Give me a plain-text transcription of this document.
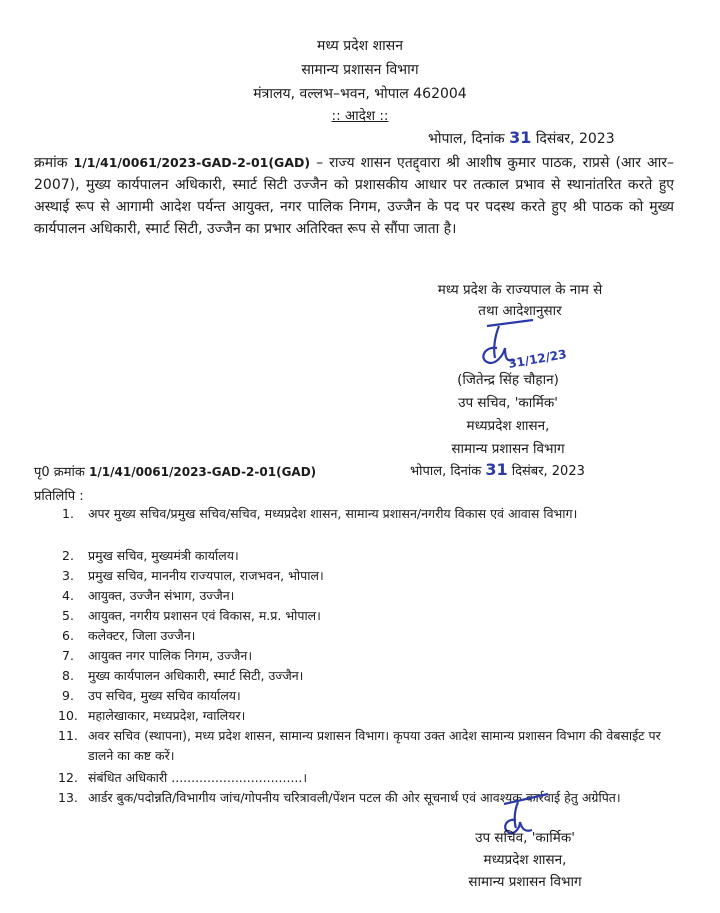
मध्य प्रदेश शासन
सामान्य प्रशासन विभाग
मंत्रालय, वल्लभ–भवन, भोपाल 462004
:: आदेश ::
भोपाल, दिनांक 31 दिसंबर, 2023
क्रमांक 1/1/41/0061/2023-GAD-2-01(GAD) – राज्य शासन एतद्द्वारा श्री आशीष कुमार पाठक, राप्रसे (आर आर–2007), मुख्य कार्यपालन अधिकारी, स्मार्ट सिटी उज्जैन को प्रशासकीय आधार पर तत्काल प्रभाव से स्थानांतरित करते हुए अस्थाई रूप से आगामी आदेश पर्यन्त आयुक्त, नगर पालिक निगम, उज्जैन के पद पर पदस्थ करते हुए श्री पाठक को मुख्य कार्यपालन अधिकारी, स्मार्ट सिटी, उज्जैन का प्रभार अतिरिक्त रूप से सौंपा जाता है।
मध्य प्रदेश के राज्यपाल के नाम से
तथा आदेशानुसार
31/12/23
(जितेन्द्र सिंह चौहान)
उप सचिव, 'कार्मिक'
मध्यप्रदेश शासन,
सामान्य प्रशासन विभाग
पृ0 क्रमांक 1/1/41/0061/2023-GAD-2-01(GAD)	भोपाल, दिनांक 31 दिसंबर, 2023
प्रतिलिपि :
1.	अपर मुख्य सचिव/प्रमुख सचिव/सचिव, मध्यप्रदेश शासन, सामान्य प्रशासन/नगरीय विकास एवं आवास विभाग।
2.	प्रमुख सचिव, मुख्यमंत्री कार्यालय।
3.	प्रमुख सचिव, माननीय राज्यपाल, राजभवन, भोपाल।
4.	आयुक्त, उज्जैन संभाग, उज्जैन।
5.	आयुक्त, नगरीय प्रशासन एवं विकास, म.प्र. भोपाल।
6.	कलेक्टर, जिला उज्जैन।
7.	आयुक्त नगर पालिक निगम, उज्जैन।
8.	मुख्य कार्यपालन अधिकारी, स्मार्ट सिटी, उज्जैन।
9.	उप सचिव, मुख्य सचिव कार्यालय।
10. महालेखाकार, मध्यप्रदेश, ग्वालियर।
11. अवर सचिव (स्थापना), मध्य प्रदेश शासन, सामान्य प्रशासन विभाग। कृपया उक्त आदेश सामान्य प्रशासन विभाग की वेबसाईट पर डालने का कष्ट करें।
12. संबंधित अधिकारी .................................।
13. आर्डर बुक/पदोन्नति/विभागीय जांच/गोपनीय चरित्रावली/पेंशन पटल की ओर सूचनार्थ एवं आवश्यक कार्रवाई हेतु अग्रेपित।
उप सचिव, 'कार्मिक'
मध्यप्रदेश शासन,
सामान्य प्रशासन विभाग
